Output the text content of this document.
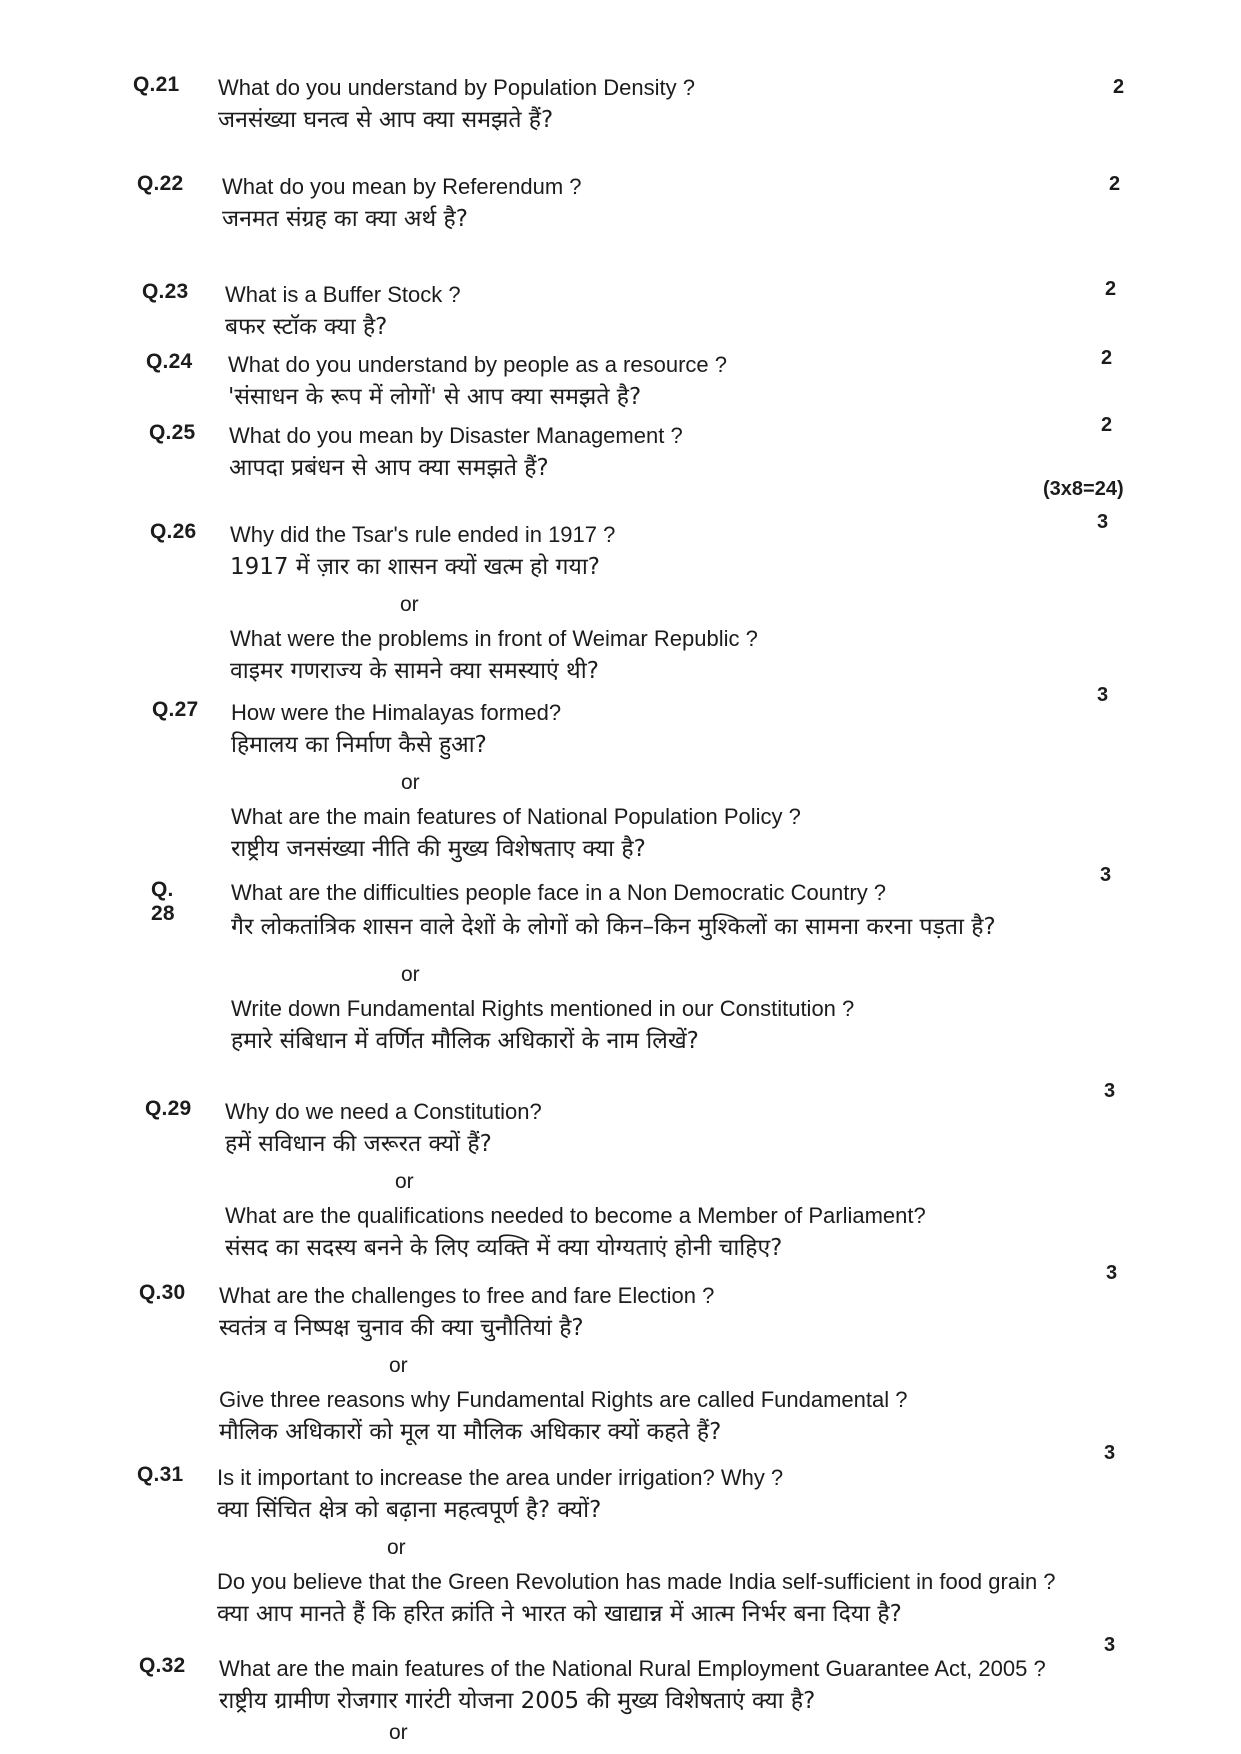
Q.21 What do you understand by Population Density ?

जनसंख्या घनत्व से आप क्या समझते हैं?

2
Q.22 What do you mean by Referendum ?

जनमत संग्रह का क्या अर्थ है?

2
Q.23 What is a Buffer Stock ?

बफर स्टॉक क्या है?

2
Q.24 What do you understand by people as a resource ?

'संसाधन के रूप में लोगों' से आप क्या समझते है?

2
Q.25 What do you mean by Disaster Management ?

आपदा प्रबंधन से आप क्या समझते हैं?

2
(3x8=24)
Q.26 Why did the Tsar's rule ended in 1917 ?

1917 में ज़ार का शासन क्यों खत्म हो गया?

or

What were the problems in front of Weimar Republic ?

वाइमर गणराज्य के सामने क्या समस्याएं थी?

3
Q.27 How were the Himalayas formed?

हिमालय का निर्माण कैसे हुआ?

or

What are the main features of National Population Policy ?

राष्ट्रीय जनसंख्या नीति की मुख्य विशेषताए क्या है?

3
Q. 28

What are the difficulties people face in a Non Democratic Country ?

गैर लोकतांत्रिक शासन वाले देशों के लोगों को किन–किन मुश्किलों का सामना करना पड़ता है?

or

Write down Fundamental Rights mentioned in our Constitution ?

हमारे संबिधान में वर्णित मौलिक अधिकारों के नाम लिखें?

3
Q.29 Why do we need a Constitution?

हमें सविधान की जरूरत क्यों हैं?

or

What are the qualifications needed to become a Member of Parliament?

संसद का सदस्य बनने के लिए व्यक्ति में क्या योग्यताएं होनी चाहिए?

3
Q.30 What are the challenges to free and fare Election ?

स्वतंत्र व निष्पक्ष चुनाव की क्या चुनौतियां है?

or

Give three reasons why Fundamental Rights are called Fundamental ?

मौलिक अधिकारों को मूल या मौलिक अधिकार क्यों कहते हैं?

3
Q.31 Is it important to increase the area under irrigation? Why ?

क्या सिंचित क्षेत्र को बढ़ाना महत्वपूर्ण है? क्यों?

or

Do you believe that the Green Revolution has made India self-sufficient in food grain ?

क्या आप मानते हैं कि हरित क्रांति ने भारत को खाद्यान्न में आत्म निर्भर बना दिया है?

3
Q.32 What are the main features of the National Rural Employment Guarantee Act, 2005 ?

राष्ट्रीय ग्रामीण रोजगार गारंटी योजना 2005 की मुख्य विशेषताएं क्या है?

or

3
